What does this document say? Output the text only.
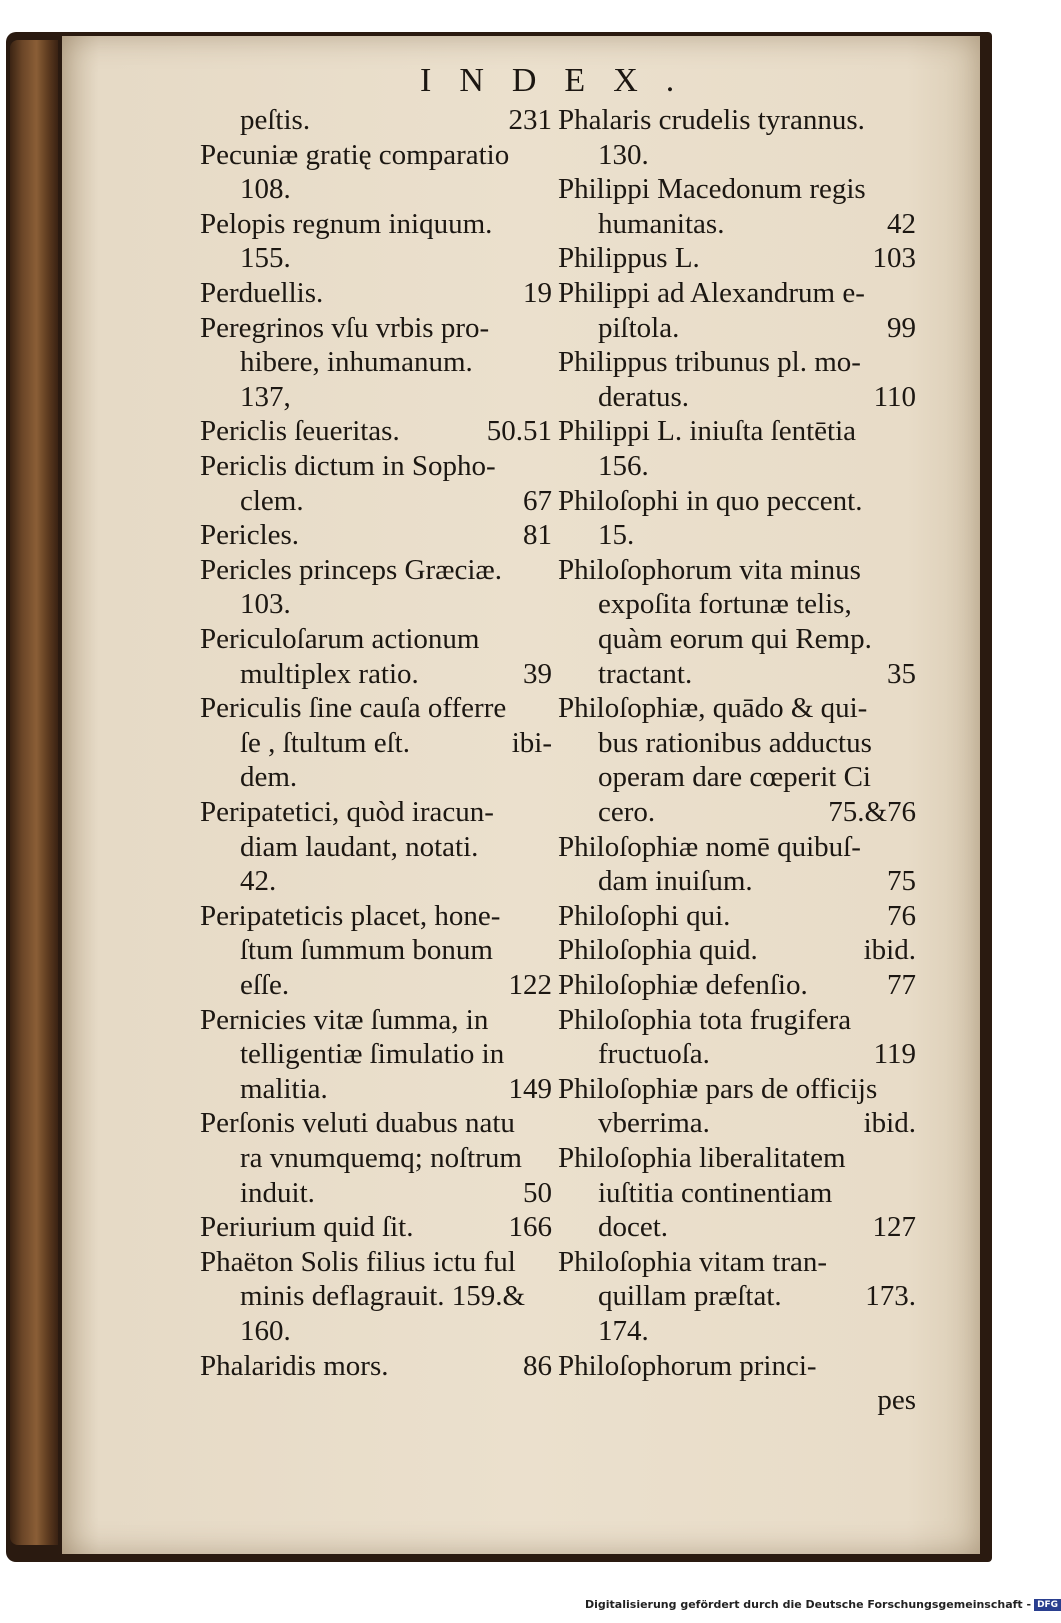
INDEX.
peſtis.	231
Pecuniæ gratię comparatio
108.
Pelopis regnum iniquum.
155.
Perduellis.	19
Peregrinos vſu vrbis pro-
hibere, inhumanum.
137,
Periclis ſeueritas.	50.51
Periclis dictum in Sopho-
clem.	67
Pericles.	81
Pericles princeps Græciæ.
103.
Periculoſarum actionum
multiplex ratio.	39
Periculis ſine cauſa offerre
ſe , ſtultum eſt.	ibi-
dem.
Peripatetici, quòd iracun-
diam laudant, notati.
42.
Peripateticis placet, hone-
ſtum ſummum bonum
eſſe.	122
Pernicies vitæ ſumma, in
telligentiæ ſimulatio in
malitia.	149
Perſonis veluti duabus natu
ra vnumquemq; noſtrum
induit.	50
Periurium quid ſit.	166
Phaëton Solis filius ictu ful
minis deflagrauit. 159.&
160.
Phalaridis mors.	86
Phalaris crudelis tyrannus.
130.
Philippi Macedonum regis
humanitas.	42
Philippus L.	103
Philippi ad Alexandrum e-
piſtola.	99
Philippus tribunus pl. mo-
deratus.	110
Philippi L. iniuſta ſentētia
156.
Philoſophi in quo peccent.
15.
Philoſophorum vita minus
expoſita fortunæ telis,
quàm eorum qui Remp.
tractant.	35
Philoſophiæ, quādo & qui-
bus rationibus adductus
operam dare cœperit Ci
cero.	75.&76
Philoſophiæ nomē quibuſ-
dam inuiſum.	75
Philoſophi qui.	76
Philoſophia quid.	ibid.
Philoſophiæ defenſio.	77
Philoſophia tota frugifera
fructuoſa.	119
Philoſophiæ pars de officijs
vberrima.	ibid.
Philoſophia liberalitatem
iuſtitia continentiam
docet.	127
Philoſophia vitam tran-
quillam præſtat.	173.
174.
Philoſophorum princi-
pes
Digitalisierung gefördert durch die Deutsche Forschungsgemeinschaft - DFG
